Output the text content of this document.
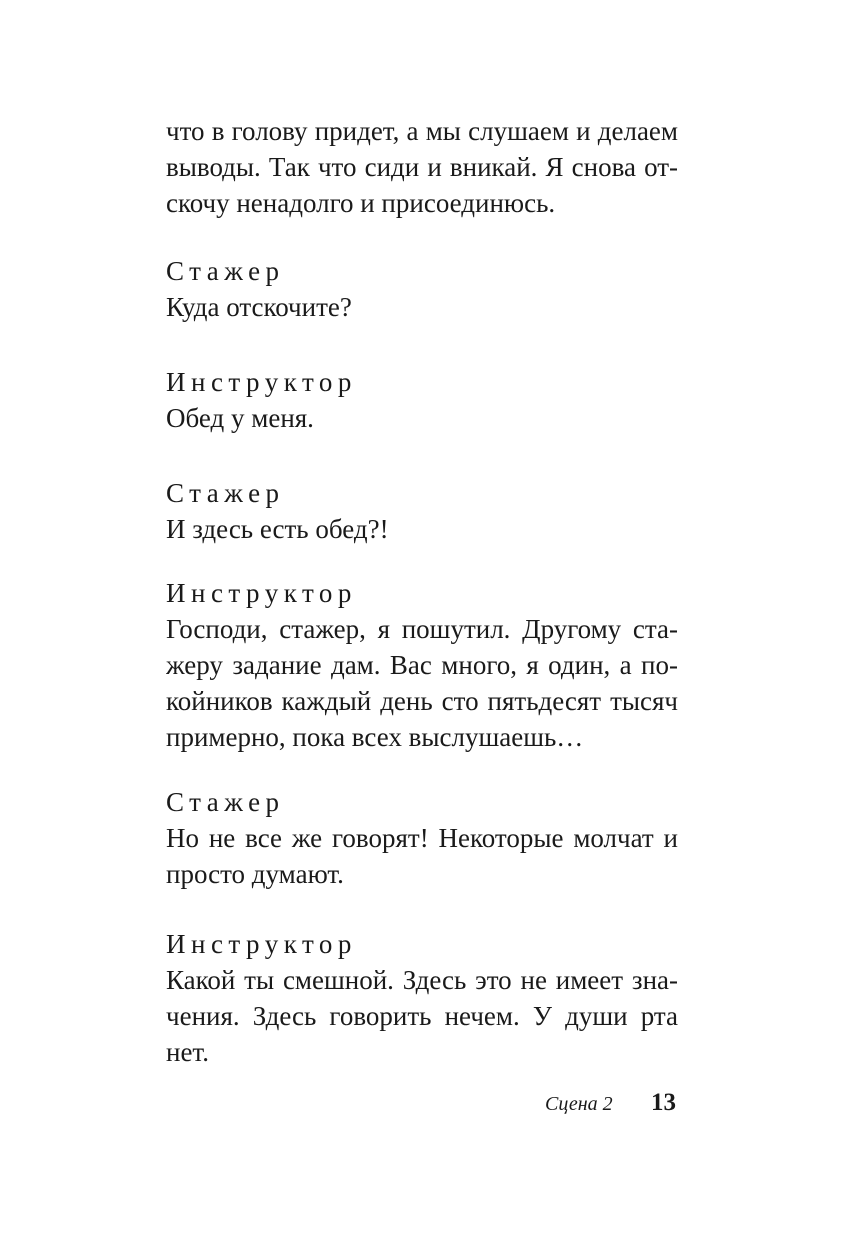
что в голову придет, а мы слушаем и делаем
выводы. Так что сиди и вникай. Я снова от-
скочу ненадолго и присоединюсь.
Стажер
Куда отскочите?
Инструктор
Обед у меня.
Стажер
И здесь есть обед?!
Инструктор
Господи, стажер, я пошутил. Другому ста-
жеру задание дам. Вас много, я один, а по-
койников каждый день сто пятьдесят тысяч
примерно, пока всех выслушаешь…
Стажер
Но не все же говорят! Некоторые молчат и
просто думают.
Инструктор
Какой ты смешной. Здесь это не имеет зна-
чения. Здесь говорить нечем. У души рта
нет.
Сцена 2 13
